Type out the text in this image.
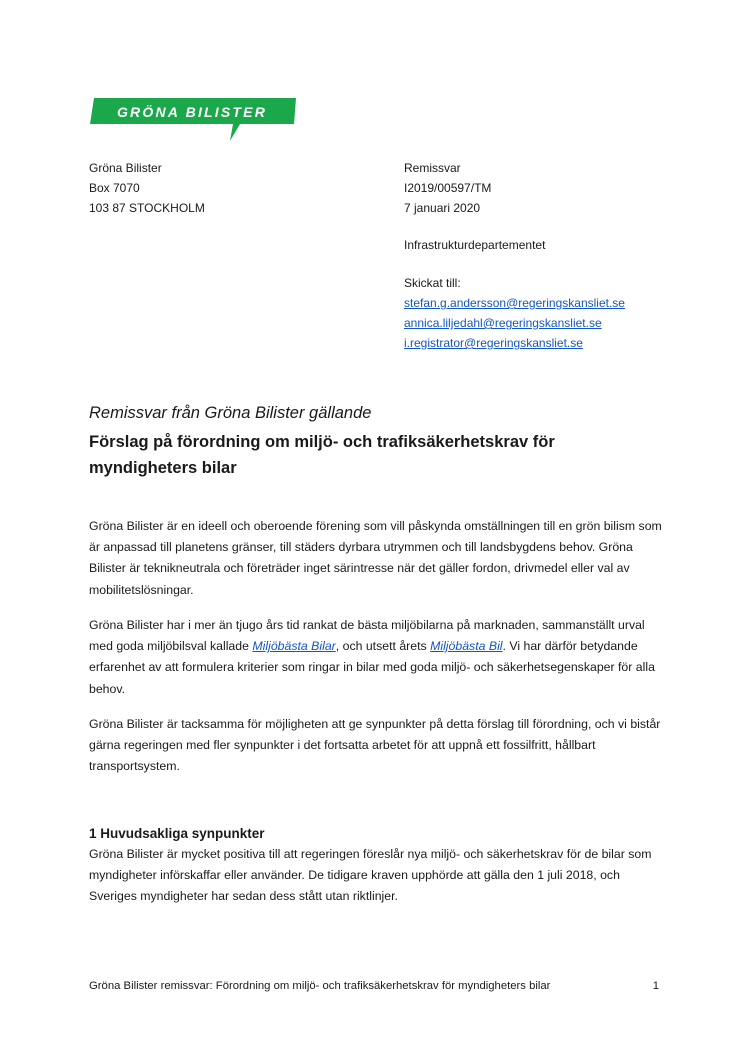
GRÖNA BILISTER
Gröna Bilister
Box 7070
103 87 STOCKHOLM
Remissvar
I2019/00597/TM
7 januari 2020
Infrastrukturdepartementet
Skickat till:
stefan.g.andersson@regeringskansliet.se
annica.liljedahl@regeringskansliet.se
i.registrator@regeringskansliet.se
Remissvar från Gröna Bilister gällande
Förslag på förordning om miljö- och trafiksäkerhetskrav för myndigheters bilar

Gröna Bilister är en ideell och oberoende förening som vill påskynda omställningen till en grön bilism som är anpassad till planetens gränser, till städers dyrbara utrymmen och till landsbygdens behov. Gröna Bilister är teknikneutrala och företräder inget särintresse när det gäller fordon, drivmedel eller val av mobilitetslösningar.

Gröna Bilister har i mer än tjugo års tid rankat de bästa miljöbilarna på marknaden, sammanställt urval med goda miljöbilsval kallade Miljöbästa Bilar, och utsett årets Miljöbästa Bil. Vi har därför betydande erfarenhet av att formulera kriterier som ringar in bilar med goda miljö- och säkerhetsegenskaper för alla behov.

Gröna Bilister är tacksamma för möjligheten att ge synpunkter på detta förslag till förordning, och vi bistår gärna regeringen med fler synpunkter i det fortsatta arbetet för att uppnå ett fossilfritt, hållbart transportsystem.

1 Huvudsakliga synpunkter

Gröna Bilister är mycket positiva till att regeringen föreslår nya miljö- och säkerhetskrav för de bilar som myndigheter införskaffar eller använder. De tidigare kraven upphörde att gälla den 1 juli 2018, och Sveriges myndigheter har sedan dess stått utan riktlinjer.

Gröna Bilister remissvar: Förordning om miljö- och trafiksäkerhetskrav för myndigheters bilar	1
